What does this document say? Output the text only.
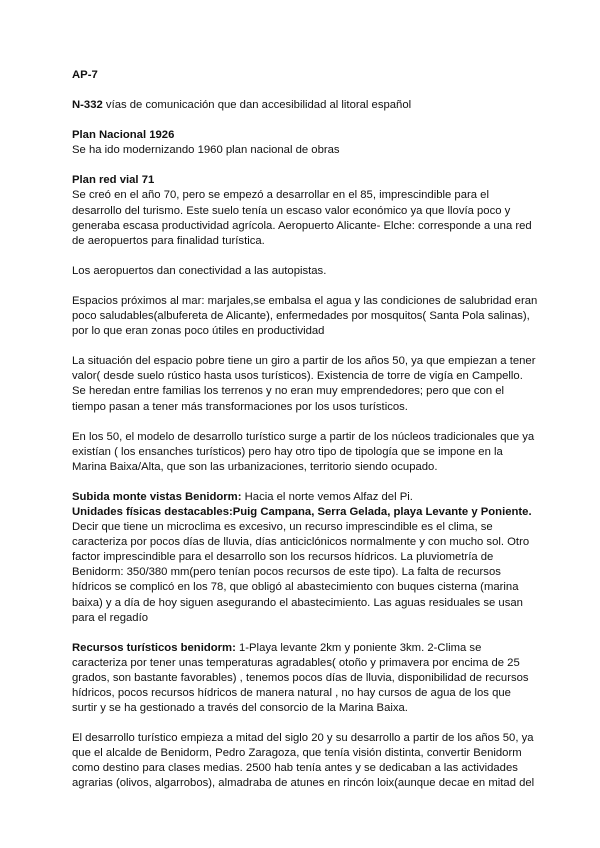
AP-7

N-332 vías de comunicación que dan accesibilidad al litoral español

Plan Nacional 1926

Se ha ido modernizando 1960 plan nacional de obras

Plan red vial 71

Se creó en el año 70, pero se empezó a desarrollar en el 85, imprescindible para el desarrollo del turismo. Este suelo tenía un escaso valor económico ya que llovía poco y generaba escasa productividad agrícola. Aeropuerto Alicante- Elche: corresponde a una red de aeropuertos para finalidad turística.

Los aeropuertos dan conectividad a las autopistas.

Espacios próximos al mar: marjales,se embalsa el agua y las condiciones de salubridad eran poco saludables(albufereta de Alicante), enfermedades por mosquitos( Santa Pola salinas), por lo que eran zonas poco útiles en productividad

La situación del espacio pobre tiene un giro a partir de los años 50, ya que empiezan a tener valor( desde suelo rústico hasta usos turísticos). Existencia de torre de vigía en Campello. Se heredan entre familias los terrenos y no eran muy emprendedores; pero que con el tiempo pasan a tener más transformaciones por los usos turísticos.

En los 50, el modelo de desarrollo turístico surge a partir de los núcleos tradicionales que ya existían ( los ensanches turísticos) pero hay otro tipo de tipología que se impone en la Marina Baixa/Alta, que son las urbanizaciones, territorio siendo ocupado.

Subida monte vistas Benidorm: Hacia el norte vemos Alfaz del Pi.

Unidades físicas destacables:Puig Campana, Serra Gelada, playa Levante y Poniente.
Decir que tiene un microclima es excesivo, un recurso imprescindible es el clima, se caracteriza por pocos días de lluvia, días anticiclónicos normalmente y con mucho sol. Otro factor imprescindible para el desarrollo son los recursos hídricos. La pluviometría de Benidorm: 350/380 mm(pero tenían pocos recursos de este tipo). La falta de recursos hídricos se complicó en los 78, que obligó al abastecimiento con buques cisterna (marina baixa) y a día de hoy siguen asegurando el abastecimiento. Las aguas residuales se usan para el regadío

Recursos turísticos benidorm: 1-Playa levante 2km y poniente 3km. 2-Clima se caracteriza por tener unas temperaturas agradables( otoño y primavera por encima de 25 grados, son bastante favorables) , tenemos pocos días de lluvia, disponibilidad de recursos hídricos, pocos recursos hídricos de manera natural , no hay cursos de agua de los que surtir y se ha gestionado a través del consorcio de la Marina Baixa.

El desarrollo turístico empieza a mitad del siglo 20 y su desarrollo a partir de los años 50, ya que el alcalde de Benidorm, Pedro Zaragoza, que tenía visión distinta, convertir Benidorm como destino para clases medias. 2500 hab tenía antes y se dedicaban a las actividades agrarias (olivos, algarrobos), almadraba de atunes en rincón loix(aunque decae en mitad del
